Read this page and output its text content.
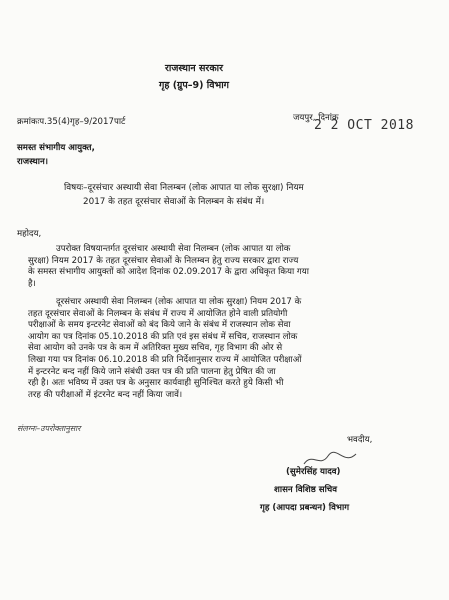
राजस्थान सरकार
गृह (ग्रुप–9) विभाग
क्रमांकःप.35(4)गृह–9/2017पार्ट	जयपुर, दिनांक
2 2 OCT 2018
समस्त संभागीय आयुक्त,
राजस्थान।
विषयः–दूरसंचार अस्थायी सेवा निलम्बन (लोक आपात या लोक सुरक्षा) नियम
2017 के तहत दूरसंचार सेवाओं के निलम्बन के संबंध में।
महोदय,
उपरोक्त विषयान्तर्गत दूरसंचार अस्थायी सेवा निलम्बन (लोक आपात या लोक
सुरक्षा) नियम 2017 के तहत दूरसंचार सेवाओं के निलम्बन हेतु राज्य सरकार द्वारा राज्य
के समस्त संभागीय आयुक्तों को आदेश दिनांक 02.09.2017 के द्वारा अधिकृत किया गया
है।
दूरसंचार अस्थायी सेवा निलम्बन (लोक आपात या लोक सुरक्षा) नियम 2017 के
तहत दूरसंचार सेवाओं के निलम्बन के संबंध में राज्य में आयोजित होने वाली प्रतियोगी
परीक्षाओं के समय इन्टरनेट सेवाओं को बंद किये जाने के संबंध में राजस्थान लोक सेवा
आयोग का पत्र दिनांक 05.10.2018 की प्रति एवं इस संबंध में सचिव, राजस्थान लोक
सेवा आयोग को उनके पत्र के कम में अतिरिक्त मुख्य सचिव, गृह विभाग की ओर से
लिखा गया पत्र दिनांक 06.10.2018 की प्रति निर्देशानुसार राज्य में आयोजित परीक्षाओं
में इन्टरनेट बन्द नहीं किये जाने संबंधी उक्त पत्र की प्रति पालना हेतु प्रेषित की जा
रही है। अतः भविष्य में उक्त पत्र के अनुसार कार्यवाही सुनिश्चित करते हुये किसी भी
तरह की परीक्षाओं में इंटरनेट बन्द नहीं किया जावें।
संलग्नः–उपरोक्तानुसार
भवदीय,
(सुमेरसिंह यादव)
शासन विशिष्ठ सचिव
गृह (आपदा प्रबन्धन) विभाग
